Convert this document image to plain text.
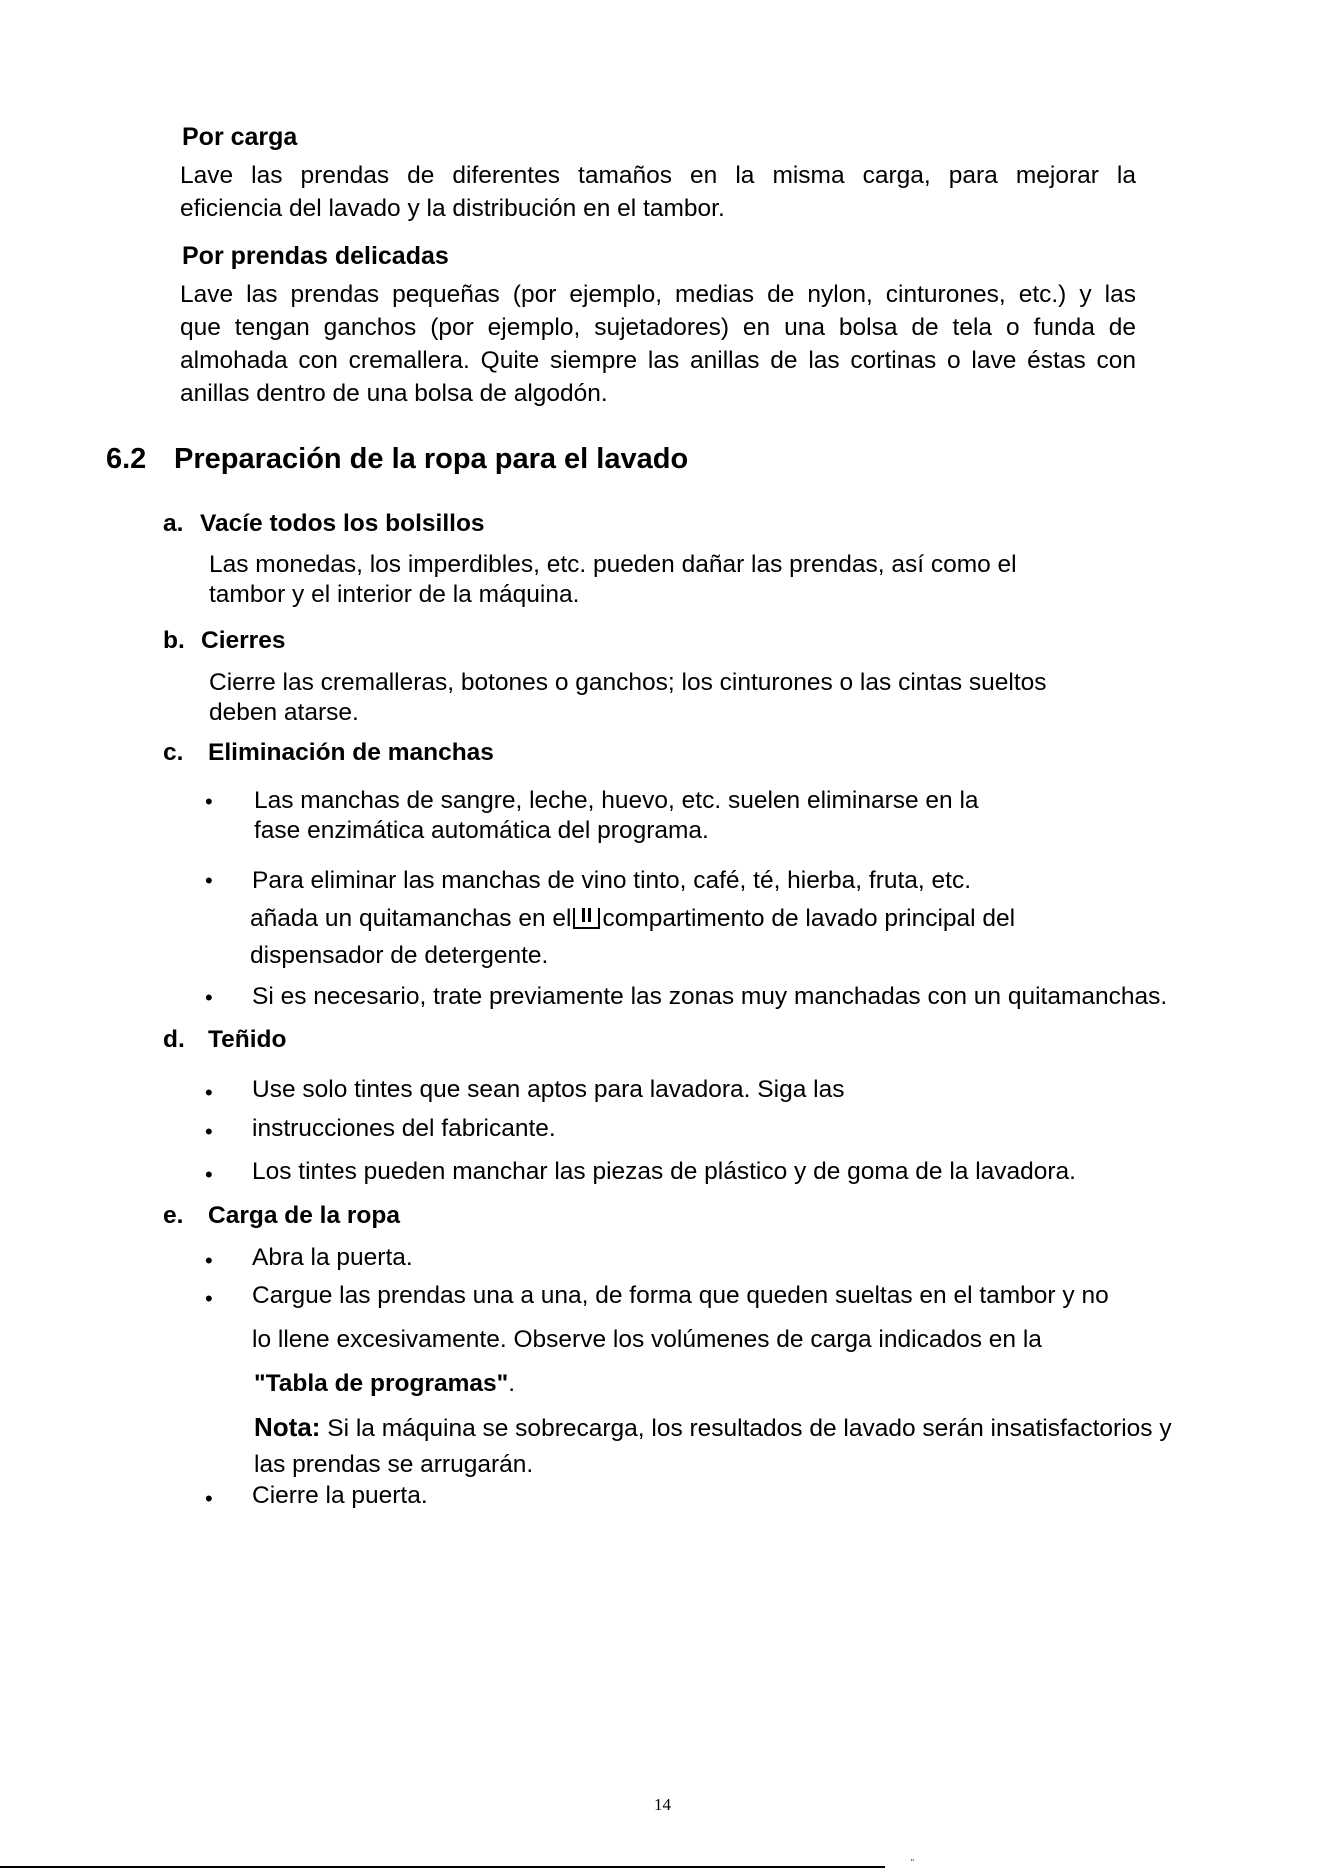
Por carga
Lave las prendas de diferentes tamaños en la misma carga, para mejorar la
eficiencia del lavado y la distribución en el tambor.
Por prendas delicadas
Lave las prendas pequeñas (por ejemplo, medias de nylon, cinturones, etc.) y las
que tengan ganchos (por ejemplo, sujetadores) en una bolsa de tela o funda de
almohada con cremallera. Quite siempre las anillas de las cortinas o lave éstas con
anillas dentro de una bolsa de algodón.
6.2 Preparación de la ropa para el lavado
a. Vacíe todos los bolsillos
Las monedas, los imperdibles, etc. pueden dañar las prendas, así como el
tambor y el interior de la máquina.
b. Cierres
Cierre las cremalleras, botones o ganchos; los cinturones o las cintas sueltos
deben atarse.
c. Eliminación de manchas
• Las manchas de sangre, leche, huevo, etc. suelen eliminarse en la
fase enzimática automática del programa.
• Para eliminar las manchas de vino tinto, café, té, hierba, fruta, etc.
añada un quitamanchas en el compartimento de lavado principal del
dispensador de detergente.
• Si es necesario, trate previamente las zonas muy manchadas con un quitamanchas.
d. Teñido
• Use solo tintes que sean aptos para lavadora. Siga las
• instrucciones del fabricante.
• Los tintes pueden manchar las piezas de plástico y de goma de la lavadora.
e. Carga de la ropa
• Abra la puerta.
• Cargue las prendas una a una, de forma que queden sueltas en el tambor y no
lo llene excesivamente. Observe los volúmenes de carga indicados en la
"Tabla de programas".
Nota: Si la máquina se sobrecarga, los resultados de lavado serán insatisfactorios y
las prendas se arrugarán.
• Cierre la puerta.
14
"
